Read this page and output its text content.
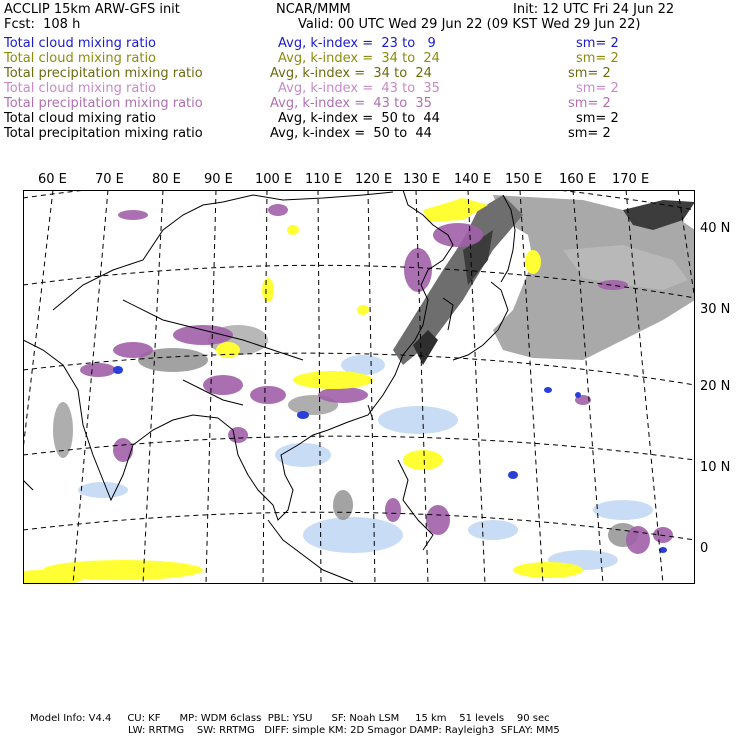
ACCLIP 15km ARW-GFS init	NCAR/MMM	Init: 12 UTC Fri 24 Jun 22
Fcst:  108 h	Valid: 00 UTC Wed 29 Jun 22 (09 KST Wed 29 Jun 22)
Total cloud mixing ratio	Avg, k-index =  23 to   9	sm= 2
Total cloud mixing ratio	Avg, k-index =  34 to  24	sm= 2
Total precipitation mixing ratio	Avg, k-index =  34 to  24	sm= 2
Total cloud mixing ratio	Avg, k-index =  43 to  35	sm= 2
Total precipitation mixing ratio	Avg, k-index =  43 to  35	sm= 2
Total cloud mixing ratio	Avg, k-index =  50 to  44	sm= 2
Total precipitation mixing ratio	Avg, k-index =  50 to  44	sm= 2
60 E 70 E 80 E 90 E 100 E 110 E 120 E 130 E 140 E 150 E 160 E 170 E
40 N
30 N
20 N
10 N
0
Model Info: V4.4     CU: KF      MP: WDM 6class  PBL: YSU      SF: Noah LSM     15 km    51 levels    90 sec
LW: RRTMG    SW: RRTMG   DIFF: simple KM: 2D Smagor DAMP: Rayleigh3  SFLAY: MM5
